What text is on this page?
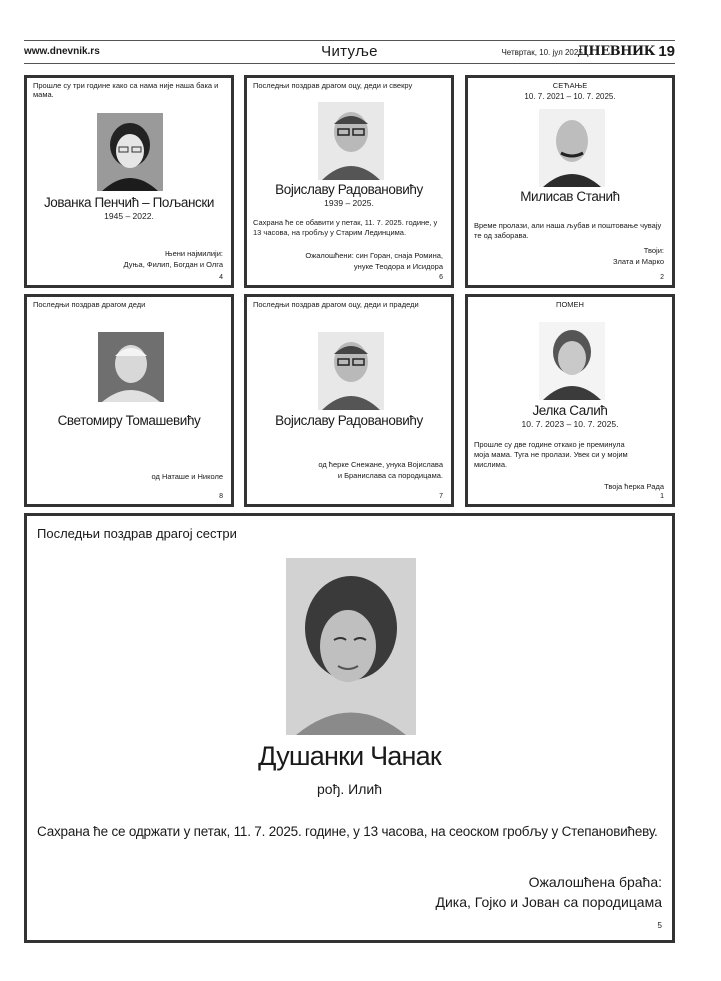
www.dnevnik.rs	Читуље	Четвртак, 10. јул 2025.
ДНЕВНИК 19
Прошле су три године како са нама није наша бака и мама.
Јованка Пенчић – Пољански
1945 – 2022.
Њени најмилији:
Дуња, Филип, Богдан и Олга
4
Последњи поздрав драгом оцу, деди и свекру
Војиславу Радовановићу
1939 – 2025.
Сахрана ће се обавити у петак, 11. 7. 2025. године, у 13 часова, на гробљу у Старим Лединцима.
Ожалошћени: син Горан, снаја Ромина,
унуке Теодора и Исидора
6
СЕЋАЊЕ
10. 7. 2021 – 10. 7. 2025.
Милисав Станић
Време пролази, али наша љубав и поштовање чувају те од заборава.
Твоји:
Злата и Марко
2
Последњи поздрав драгом деди
Светомиру Томашевићу
од Наташе и Николе
8
Последњи поздрав драгом оцу, деди и прадеди
Војиславу Радовановићу
од ћерке Снежане, унука Војислава
и Бранислава са породицама.
7
ПОМЕН
Јелка Салић
10. 7. 2023 – 10. 7. 2025.
Прошле су две године откако је преминула моја мама. Туга не пролази. Увек си у мојим мислима.
Твоја ћерка Рада
1
Последњи поздрав драгој сестри
Душанки Чанак
рођ. Илић
Сахрана ће се одржати у петак, 11. 7. 2025. године, у 13 часова, на сеоском гробљу у Степановићеву.
Ожалошћена браћа:
Дика, Гојко и Јован са породицама
5
